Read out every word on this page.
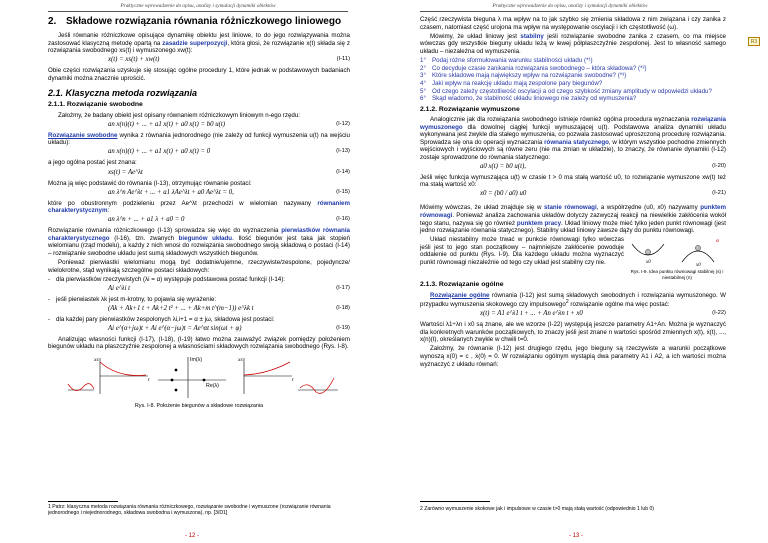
Praktyczne wprowadzenie do opisu, analizy i symulacji dynamiki obiektów
2. Składowe rozwiązania równania różniczkowego liniowego

Jeśli równanie różniczkowe opisujące dynamikę obiektu jest liniowe, to do jego rozwiązywania można zastosować klasyczną metodę opartą na zasadzie superpozycji, która głosi, że rozwiązanie x(t) składa się z rozwiązania swobodnego xs(t) i wymuszonego xw(t):

x(t) = xs(t) + xw(t)	(I-11)

Obie części rozwiązania uzyskuje się stosując ogólne procedury 1, które jednak w podstawowych badaniach dynamiki można znacznie uprościć.

2.1. Klasyczna metoda rozwiązania
2.1.1. Rozwiązanie swobodne

Założmy, że badany obiekt jest opisany równaniem różniczkowym liniowym n-ego rzędu:

an x(n)(t) + ... + a1 x(t) + a0 x(t) = b0 u(t)	(I-12)

Rozwiązanie swobodne wynika z równania jednorodnego (nie zależy od funkcji wymuszenia u(t) na wejściu układu):

an x(n)(t) + ... + a1 x(t) + a0 x(t) = 0	(I-13)

a jego ogólna postać jest znana:

xs(t) = Ae^λt	(I-14)

Można ją więc podstawić do równania (I-13), otrzymując równanie postaci:

an λ^n Ae^λt + ... + a1 λAe^λt + a0 Ae^λt = 0,	(I-15)

które po obustronnym podzieleniu przez Ae^λt przechodzi w wielomian nazywany równaniem charakterystycznym:

an λ^n + ... + a1 λ + a0 = 0	(I-16)

Rozwiązanie równania różniczkowego (I-13) sprowadza się więc do wyznaczenia pierwiastków równania charakterystycznego (I-16), tzn. zwanych biegunów układu. Ilość biegunów jest taka jak stopień wielomianu (rząd modelu), a każdy z nich wnosi do rozwiązania swobodnego swoją składową o postaci (I-14) – rozwiązanie swobodne układu jest sumą składowych wszystkich biegunów.

Ponieważ pierwiastki wielomianu mogą być dodatnie/ujemne, rzeczywiste/zespolone, pojedyncze/ wielokrotne, stąd wynikają szczególne postaci składowych:

- dla pierwiastków rzeczywistych (λi = α) występuje podstawowa postać funkcji (I-14):

Ai e^λi t	(I-17)

- jeśli pierwiastek λk jest m-krotny, to pojawia się wyrażenie:

(Ak + Ak+1 t + Ak+2 t² + ... + Ak+m t^(m−1)) e^λk t	(I-18)

- dla każdej pary pierwiastków zespolonych λi,i+1 = α ± jω, składowa jest postaci:

Ai e^(α+jω)t + Ai e^(α−jω)t = Ae^αt sin(ωt + φ)	(I-19)

Analizując własności funkcji (I-17), (I-18), (I-19) łatwo można zauważyć związek pomiędzy położeniem biegunów układu na płaszczyźnie zespolonej a własnościami składowych rozwiązania swobodnego (Rys. I-8).

xs	Im(λ)
Re(λ)
xs
t
t
Rys. I-8. Położenie biegunów a składowe rozwiązania
1 Patrz: klasyczna metoda rozwiązania równania różniczkowego, rozwiązanie swobodne i wymuszone (rozwiązanie równania jednorodnego i niejednorodnego, składowa swobodna i wymuszona), np. [3/D1]
- 12 -
Praktyczne wprowadzenie do opisu, analizy i symulacji dynamiki obiektów
R3

Część rzeczywista bieguna λ ma wpływ na to jak szybko się zmienia składowa z nim związana i czy zanika z czasem, natomiast część urojona ma wpływ na występowanie oscylacji i ich częstotliwość (ω).

Mówimy, że układ liniowy jest stabilny jeśli rozwiązanie swobodne zanika z czasem, co ma miejsce wówczas gdy wszystkie bieguny układu leżą w lewej półpłaszczyźnie zespolonej. Jest to własność samego układu – niezależna od wymuszenia.

1° Podaj różne sformułowania warunku stabilności układu (*¹)
2° Co decyduje czasie zanikania rozwiązania swobodnego – która składowa? (*²)
3° Które składowe mają największy wpływ na rozwiązanie swobodne? (*³)
4° Jaki wpływ na reakcję układu mają zespolone pary biegunów?
5° Od czego zależy częstotliwość oscylacji a od czego szybkość zmiany amplitudy w odpowiedzi układu?
6° Skąd wiadomo, że stabilność układu liniowego nie zależy od wymuszenia?
2.1.2. Rozwiązanie wymuszone

Analogicznie jak dla rozwiązania swobodnego istnieje również ogólna procedura wyznaczania rozwiązania wymuszonego dla dowolnej ciągłej funkcji wymuszającej u(t). Podstawowa analiza dynamiki układu wykonywana jest zwykle dla stałego wymuszenia, co pozwala zastosować uproszczoną procedurę rozwiązania. Sprowadza się ona do operacji wyznaczania równania statycznego, w którym wszystkie pochodne zmiennych wejściowych i wyjściowych są równe zeru (nie ma zmian w układzie), to znaczy, że równanie dynamiki (I-12) zostaje sprowadzone do równania statycznego:

a0 x(t) = b0 u(t),	(I-20)

Jeśli więc funkcja wymuszająca u(t) w czasie t > 0 ma stałą wartość u0, to rozwiązanie wymuszone xw(t) też ma stałą wartość x0:

x0 = (b0 / a0) u0	(I-21)

Mówimy wówczas, że układ znajduje się w stanie równowagi, a współrzędne (u0, x0) nazywamy punktem równowagi. Ponieważ analiza zachowania układów dotyczy zazwyczaj reakcji na niewielkie zakłócenia wokół tego stanu, nazywa się go również punktem pracy. Układ liniowy może mieć tylko jeden punkt równowagi (jest jedno rozwiązanie równania statycznego). Stabilny układ liniowy zawsze dąży do punktu równowagi.

x0
x0
α
Rys. I-9. Idea punktu równowagi stabilnej (s) i niestabilnej (n)

Układ niestabilny może trwać w punkcie równowagi tylko wówczas jeśli jest to jego stan początkowy – najmniejsze zakłócenie powoduje oddalenie od punktu (Rys. I-9). Dla każdego układu można wyznaczyć punkt równowagi niezależnie od tego czy układ jest stabilny czy nie.

2.1.3. Rozwiązanie ogólne

Rozwiązanie ogólne równania (I-12) jest sumą składowych swobodnych i rozwiązania wymuszonego. W przypadku wymuszenia skokowego czy impulsowego$^2$ rozwiązanie ogólne ma więc postać:

x(t) = A1 e^λ1 t + ... + An e^λn t + x0	(I-22)

Wartości λ1÷λn i x0 są znane, ale we wzorze (I-22) występują jeszcze parametry A1÷An. Można je wyznaczyć dla konkretnych warunków początkowych, to znaczy jeśli jest znane n wartości spośród zmiennych x(t), ẋ(t), ..., x(n)(t), określanych zwykle w chwili t=0.

Założmy, że równanie (I-12) jest drugiego rzędu, jego bieguny są rzeczywiste a warunki początkowe wynoszą x(0) = c , ẋ(0) = 0. W rozwiązaniu ogólnym wystąpią dwa parametry A1 i A2, a ich wartości można wyznaczyć z układu równań:

2 Zarówno wymuszenie skokowe jak i impulsowe w czasie t>0 mają stałą wartość (odpowiednio 1 lub 0)
- 13 -
